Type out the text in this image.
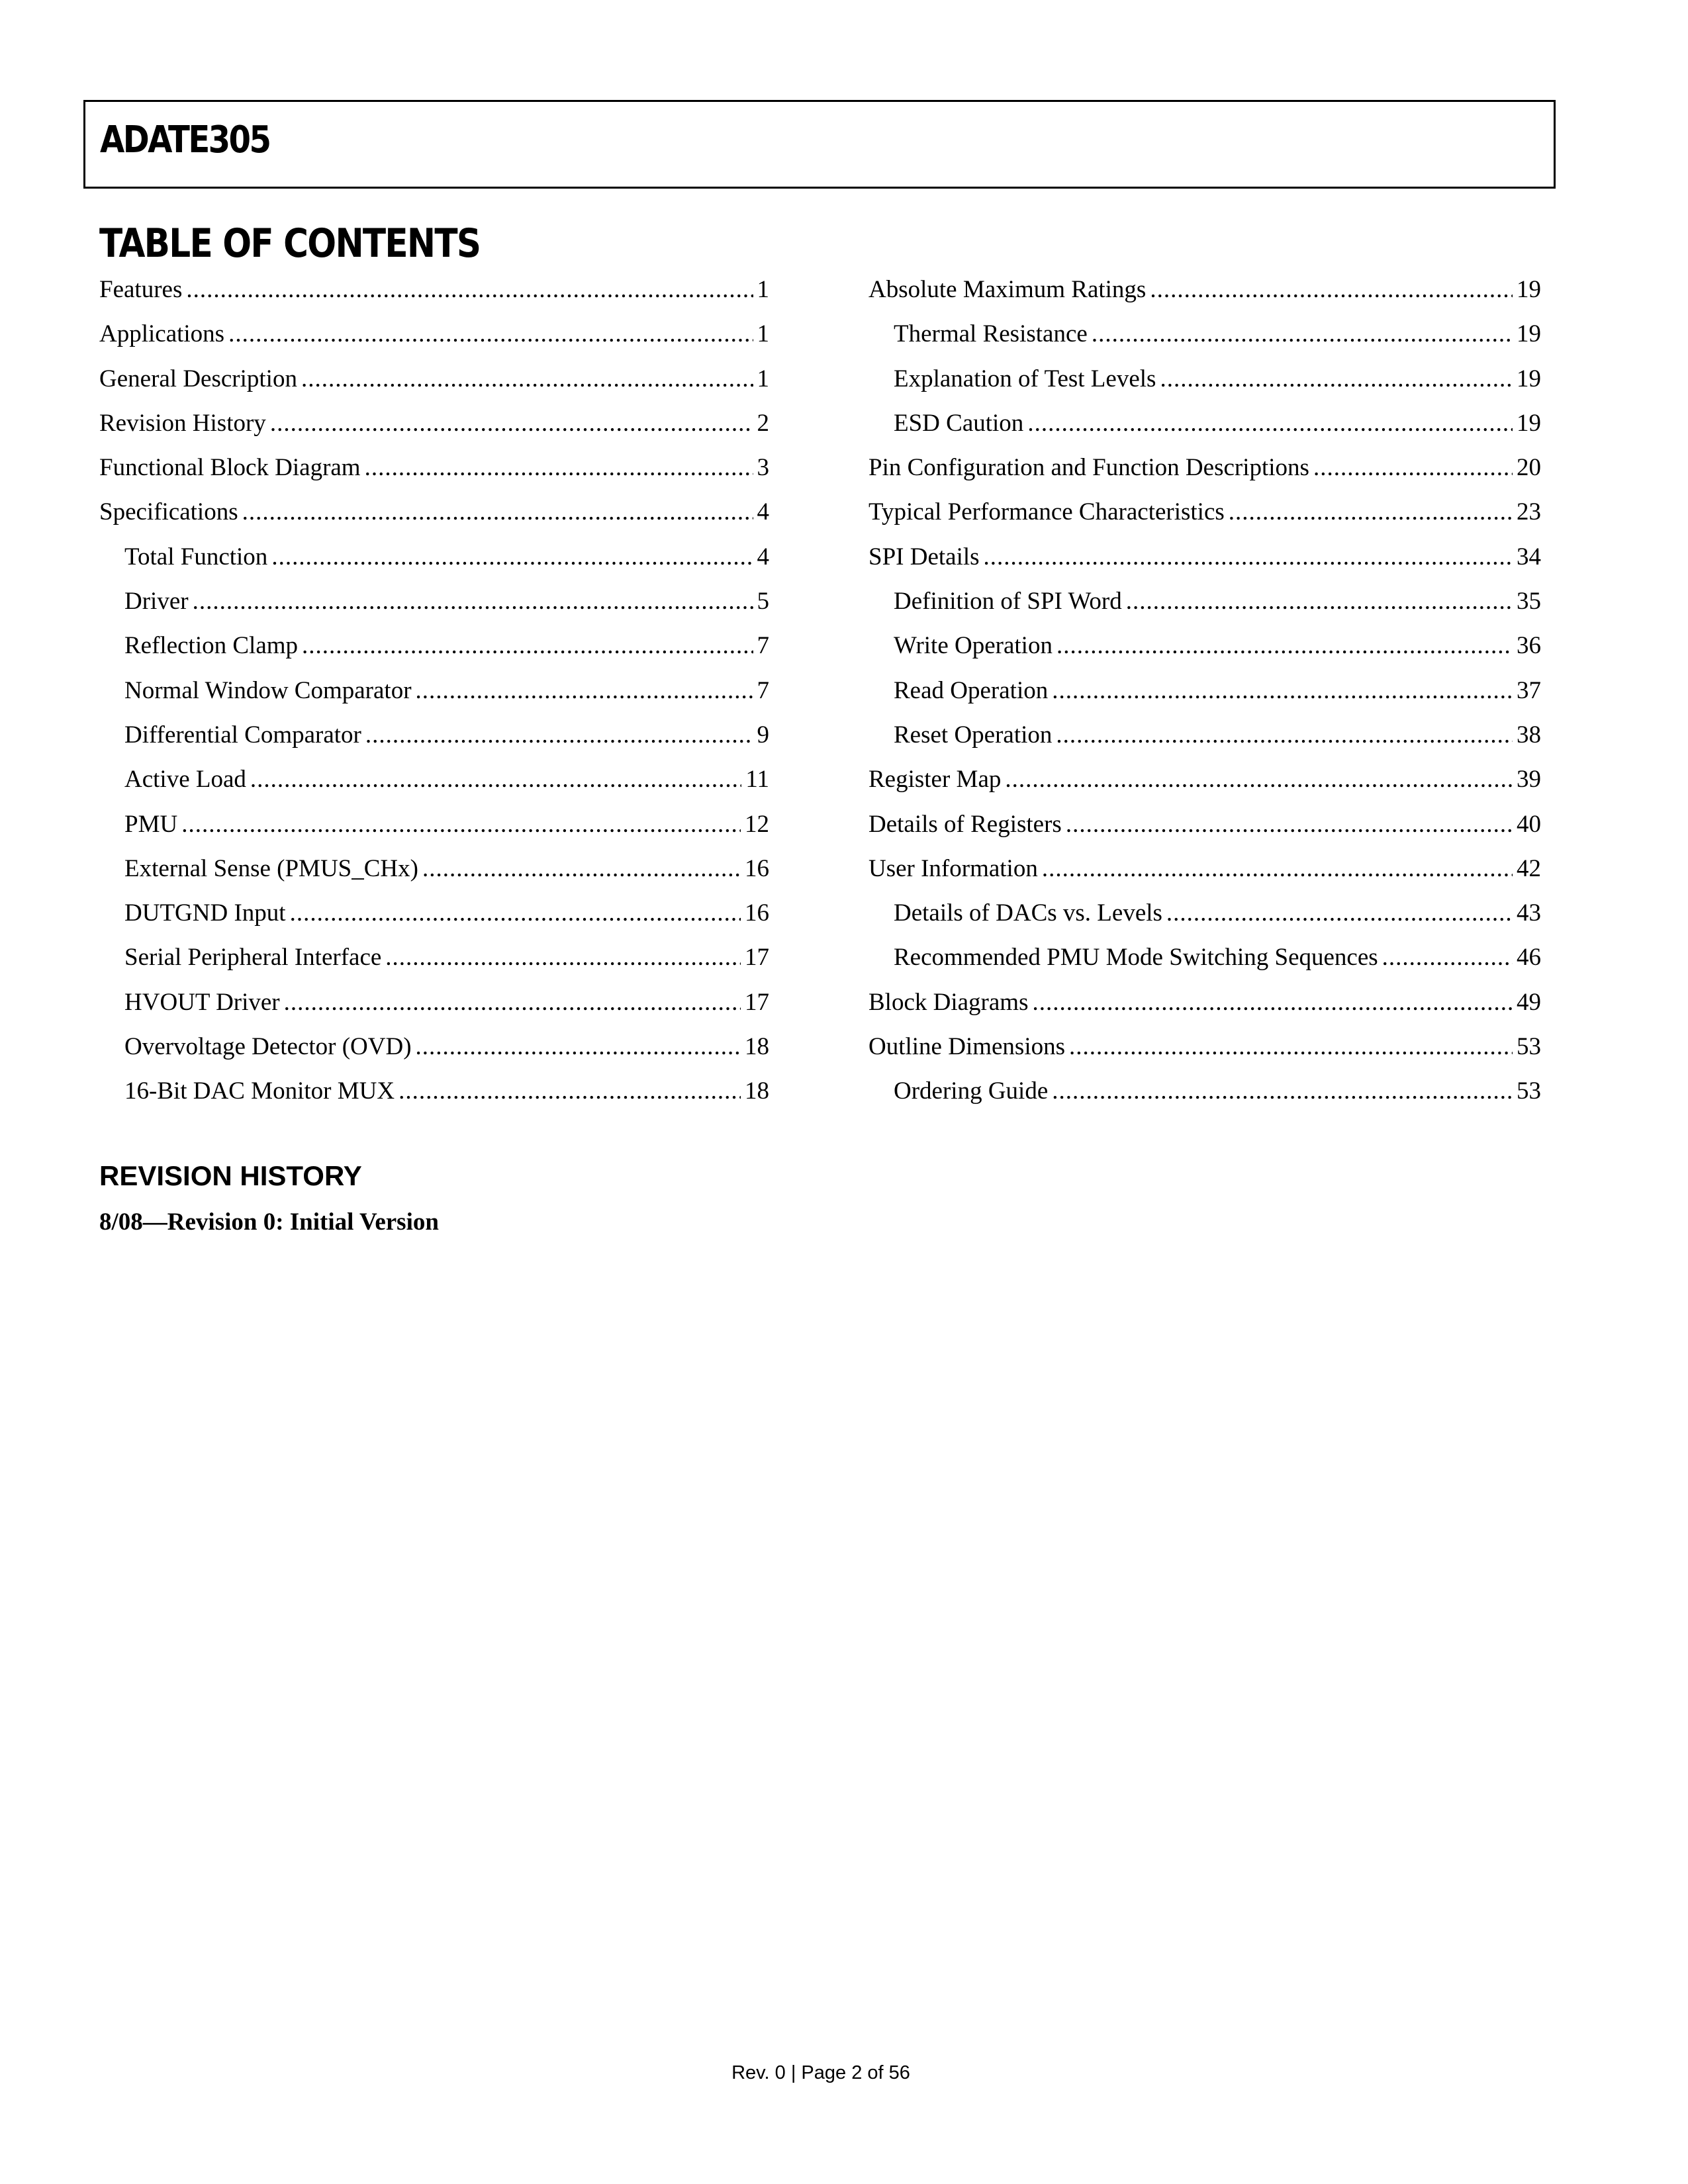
ADATE305
TABLE OF CONTENTS
Features .....	1
Applications .....	1
General Description .....	1
Revision History .....	2
Functional Block Diagram .....	3
Specifications .....	4
Total Function .....	4
Driver .....	5
Reflection Clamp .....	7
Normal Window Comparator .....	7
Differential Comparator .....	9
Active Load .....	11
PMU .....	12
External Sense (PMUS_CHx) .....	16
DUTGND Input .....	16
Serial Peripheral Interface .....	17
HVOUT Driver .....	17
Overvoltage Detector (OVD) .....	18
16-Bit DAC Monitor MUX .....	18
Absolute Maximum Ratings .....	19
Thermal Resistance .....	19
Explanation of Test Levels .....	19
ESD Caution .....	19
Pin Configuration and Function Descriptions .....	20
Typical Performance Characteristics .....	23
SPI Details .....	34
Definition of SPI Word .....	35
Write Operation .....	36
Read Operation .....	37
Reset Operation .....	38
Register Map .....	39
Details of Registers .....	40
User Information .....	42
Details of DACs vs. Levels .....	43
Recommended PMU Mode Switching Sequences .....	46
Block Diagrams .....	49
Outline Dimensions .....	53
Ordering Guide .....	53
REVISION HISTORY
8/08—Revision 0: Initial Version
Rev. 0 | Page 2 of 56
